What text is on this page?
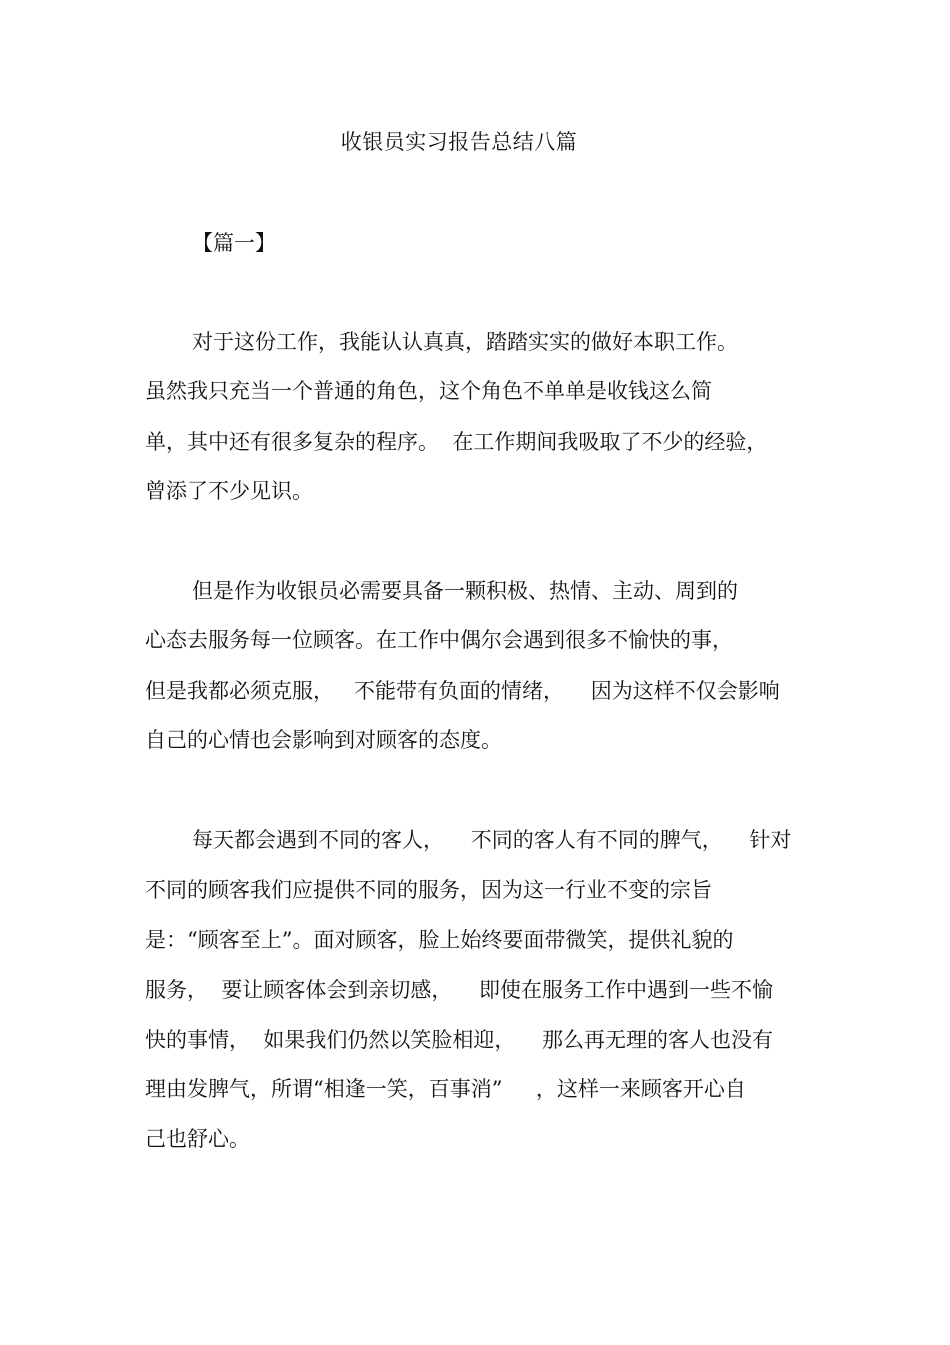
收银员实习报告总结八篇
【篇一】
对于这份工作，我能认认真真，踏踏实实的做好本职工作。
虽然我只充当一个普通的角色，这个角色不单单是收钱这么简
单，其中还有很多复杂的程序。  在工作期间我吸取了不少的经验，
曾添了不少见识。
但是作为收银员必需要具备一颗积极、热情、主动、周到的
心态去服务每一位顾客。在工作中偶尔会遇到很多不愉快的事，
但是我都必须克服，   不能带有负面的情绪，    因为这样不仅会影响
自己的心情也会影响到对顾客的态度。
每天都会遇到不同的客人，    不同的客人有不同的脾气，    针对
不同的顾客我们应提供不同的服务，因为这一行业不变的宗旨
是：“顾客至上”。面对顾客，脸上始终要面带微笑，提供礼貌的
服务，  要让顾客体会到亲切感，    即使在服务工作中遇到一些不愉
快的事情，  如果我们仍然以笑脸相迎，    那么再无理的客人也没有
理由发脾气，所谓“相逢一笑，百事消”     ，这样一来顾客开心自
己也舒心。
